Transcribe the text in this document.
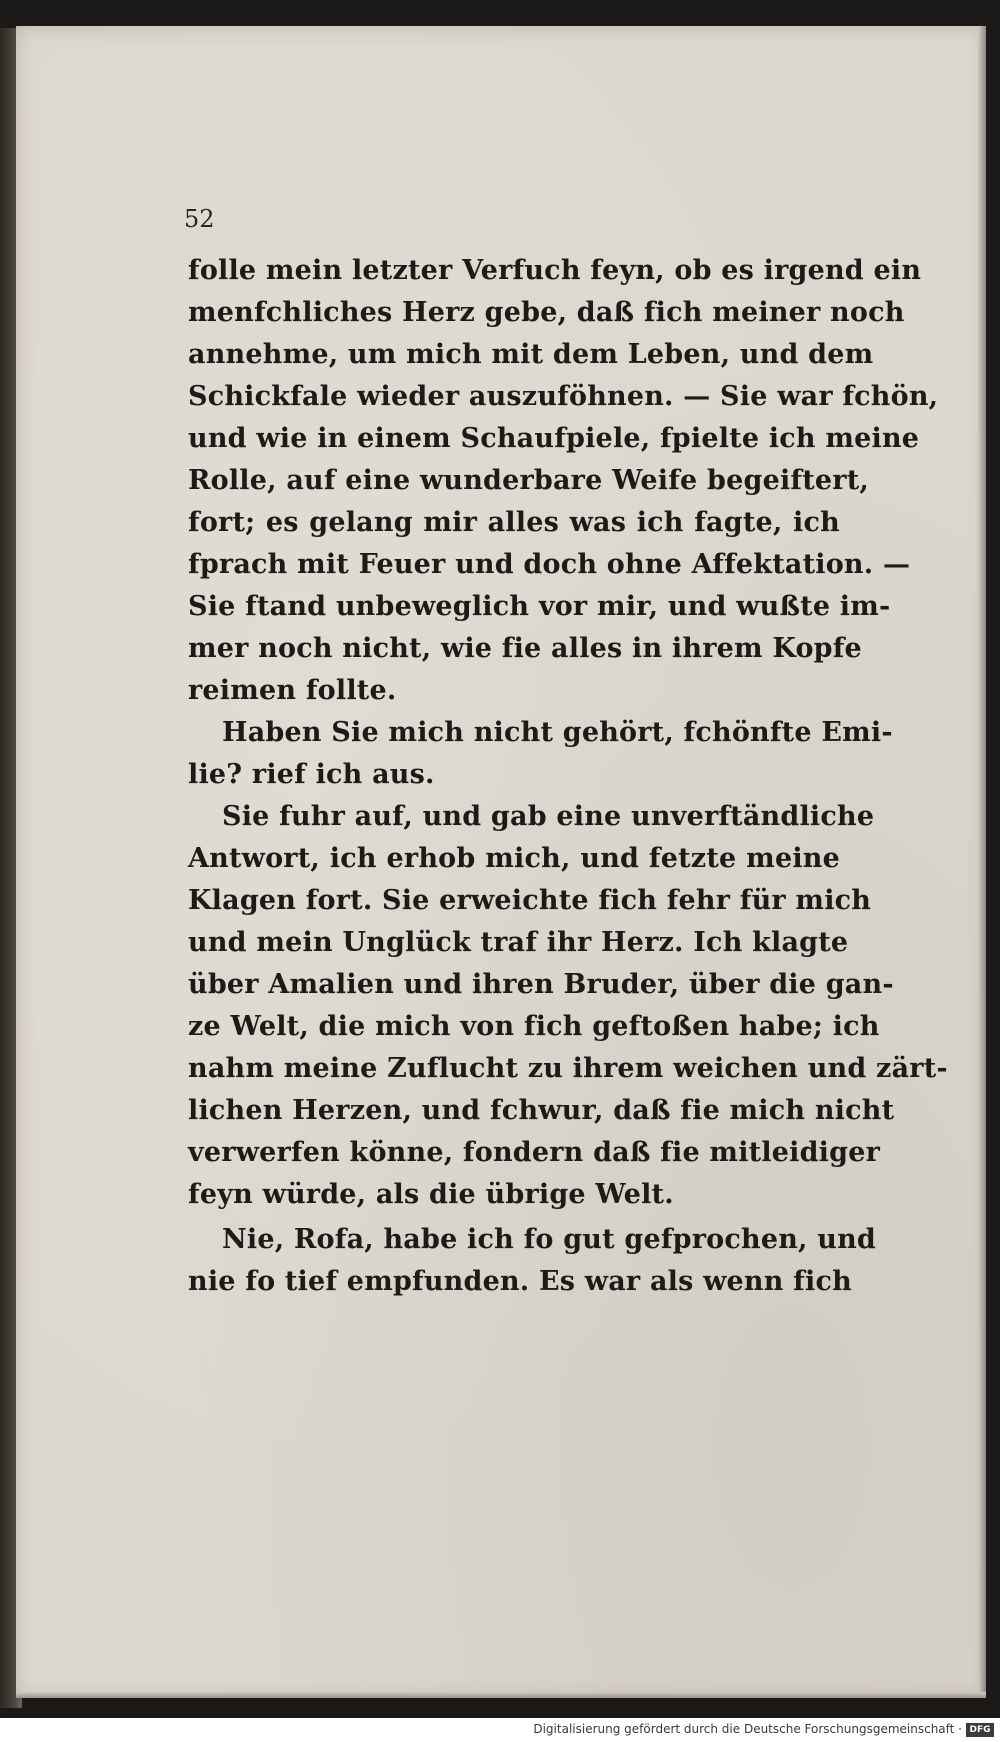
52
folle mein letzter Verfuch feyn, ob es irgend ein
menfchliches Herz gebe, daß fich meiner noch
annehme, um mich mit dem Leben, und dem
Schickfale wieder auszuföhnen. — Sie war fchön,
und wie in einem Schaufpiele, fpielte ich meine
Rolle, auf eine wunderbare Weife begeiftert,
fort; es gelang mir alles was ich fagte, ich
fprach mit Feuer und doch ohne Affektation. —
Sie ftand unbeweglich vor mir, und wußte im-
mer noch nicht, wie fie alles in ihrem Kopfe
reimen follte.
Haben Sie mich nicht gehört, fchönfte Emi-
lie? rief ich aus.
Sie fuhr auf, und gab eine unverftändliche
Antwort, ich erhob mich, und fetzte meine
Klagen fort. Sie erweichte fich fehr für mich
und mein Unglück traf ihr Herz. Ich klagte
über Amalien und ihren Bruder, über die gan-
ze Welt, die mich von fich geftoßen habe; ich
nahm meine Zuflucht zu ihrem weichen und zärt-
lichen Herzen, und fchwur, daß fie mich nicht
verwerfen könne, fondern daß fie mitleidiger
feyn würde, als die übrige Welt.
Nie, Rofa, habe ich fo gut gefprochen, und
nie fo tief empfunden. Es war als wenn fich
Digitalisierung gefördert durch die Deutsche Forschungsgemeinschaft · DFG
